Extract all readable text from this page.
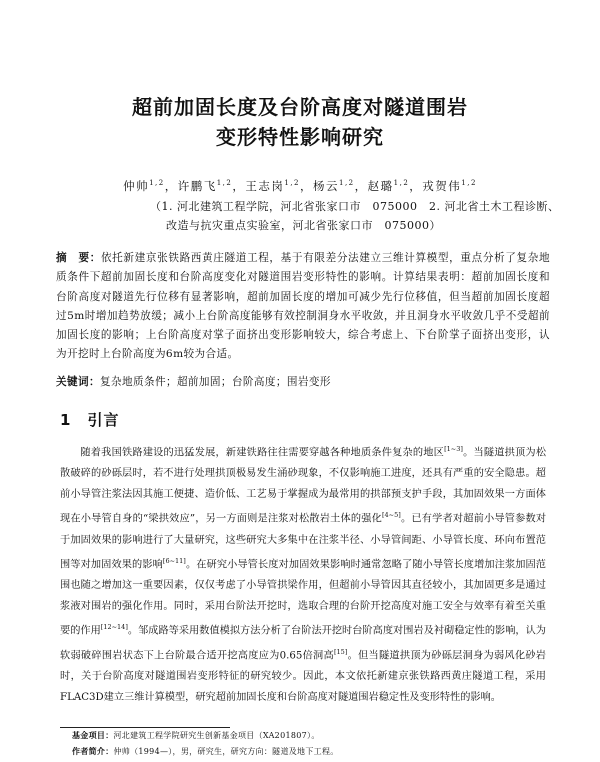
超前加固长度及台阶高度对隧道围岩
变形特性影响研究
仲帅$^{1,2}$，许鹏飞$^{1,2}$，王志岗$^{1,2}$，杨云$^{1,2}$，赵璐$^{1,2}$，戎贺伟$^{1,2}$
（1. 河北建筑工程学院，河北省张家口市　075000　2. 河北省土木工程诊断、
改造与抗灾重点实验室，河北省张家口市　075000）
摘　要：依托新建京张铁路西黄庄隧道工程，基于有限差分法建立三维计算模型，重点分析了复杂地质条件下超前加固长度和台阶高度变化对隧道围岩变形特性的影响。计算结果表明：超前加固长度和台阶高度对隧道先行位移有显著影响，超前加固长度的增加可减少先行位移值，但当超前加固长度超过5m时增加趋势放缓；减小上台阶高度能够有效控制洞身水平收敛，并且洞身水平收敛几乎不受超前加固长度的影响；上台阶高度对掌子面挤出变形影响较大，综合考虑上、下台阶掌子面挤出变形，认为开挖时上台阶高度为6m较为合适。
关键词：复杂地质条件；超前加固；台阶高度；围岩变形
1 引言

随着我国铁路建设的迅猛发展，新建铁路往往需要穿越各种地质条件复杂的地区[1~3]。当隧道拱顶为松散破碎的砂砾层时，若不进行处理拱顶极易发生涌砂现象，不仅影响施工进度，还具有严重的安全隐患。超前小导管注浆法因其施工便捷、造价低、工艺易于掌握成为最常用的拱部预支护手段，其加固效果一方面体现在小导管自身的“梁拱效应”，另一方面则是注浆对松散岩土体的强化[4~5]。已有学者对超前小导管参数对于加固效果的影响进行了大量研究，这些研究大多集中在注浆半径、小导管间距、小导管长度、环向布置范围等对加固效果的影响[6~11]。在研究小导管长度对加固效果影响时通常忽略了随小导管长度增加注浆加固范围也随之增加这一重要因素，仅仅考虑了小导管拱梁作用，但超前小导管因其直径较小，其加固更多是通过浆液对围岩的强化作用。同时，采用台阶法开挖时，选取合理的台阶开挖高度对施工安全与效率有着至关重要的作用[12~14]。邹成路等采用数值模拟方法分析了台阶法开挖时台阶高度对围岩及衬砌稳定性的影响，认为软弱破碎围岩状态下上台阶最合适开挖高度应为0.65倍洞高[15]。但当隧道拱顶为砂砾层洞身为弱风化砂岩时，关于台阶高度对隧道围岩变形特征的研究较少。因此，本文依托新建京张铁路西黄庄隧道工程，采用FLAC3D建立三维计算模型，研究超前加固长度和台阶高度对隧道围岩稳定性及变形特性的影响。

基金项目：河北建筑工程学院研究生创新基金项目（XA201807）。
作者简介：仲帅（1994—），男，研究生，研究方向：隧道及地下工程。
